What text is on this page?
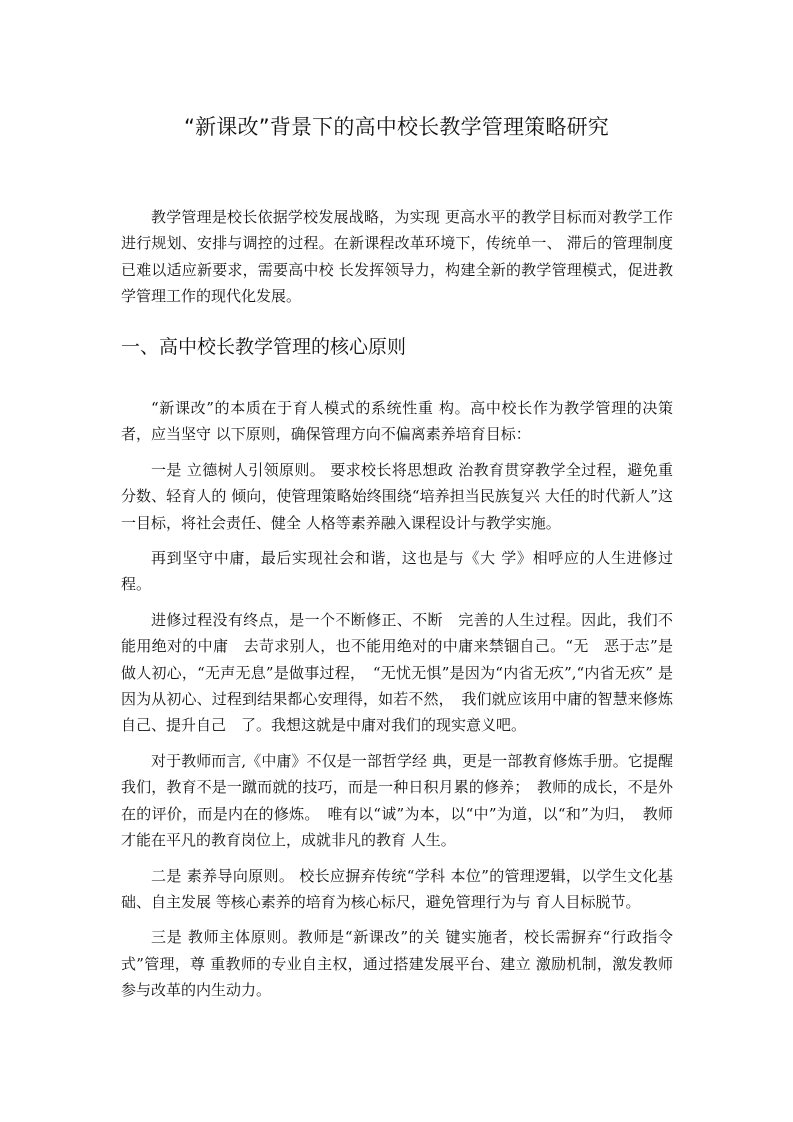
“新课改”背景下的高中校长教学管理策略研究

教学管理是校长依据学校发展战略，为实现 更高水平的教学目标而对教学工作进行规划、安排与调控的过程。在新课程改革环境下，传统单一、 滞后的管理制度已难以适应新要求，需要高中校 长发挥领导力，构建全新的教学管理模式，促进教学管理工作的现代化发展。

一、高中校长教学管理的核心原则

“新课改”的本质在于育人模式的系统性重 构。高中校长作为教学管理的决策者，应当坚守 以下原则，确保管理方向不偏离素养培育目标：

一是 立德树人引领原则。 要求校长将思想政 治教育贯穿教学全过程，避免重分数、轻育人的 倾向，使管理策略始终围绕“培养担当民族复兴 大任的时代新人”这一目标，将社会责任、健全 人格等素养融入课程设计与教学实施。

再到坚守中庸，最后实现社会和谐，这也是与《大 学》相呼应的人生进修过程。

进修过程没有终点，是一个不断修正、不断　完善的人生过程。因此，我们不能用绝对的中庸　去苛求别人，也不能用绝对的中庸来禁锢自己。“无　恶于志”是做人初心，“无声无息”是做事过程，　“无忧无惧”是因为“内省无疚”,“内省无疚” 是因为从初心、过程到结果都心安理得，如若不然，　我们就应该用中庸的智慧来修炼自己、提升自己　了。我想这就是中庸对我们的现实意义吧。

对于教师而言,《中庸》不仅是一部哲学经 典，更是一部教育修炼手册。它提醒我们，教育不是一蹴而就的技巧，而是一种日积月累的修养；　教师的成长，不是外在的评价，而是内在的修炼。　唯有以“诚”为本，以“中”为道，以“和”为归，　教师才能在平凡的教育岗位上，成就非凡的教育 人生。

二是 素养导向原则。 校长应摒弃传统“学科 本位”的管理逻辑，以学生文化基础、自主发展 等核心素养的培育为核心标尺，避免管理行为与 育人目标脱节。

三是 教师主体原则。教师是“新课改”的关 键实施者，校长需摒弃“行政指令式”管理，尊 重教师的专业自主权，通过搭建发展平台、建立 激励机制，激发教师参与改革的内生动力。
